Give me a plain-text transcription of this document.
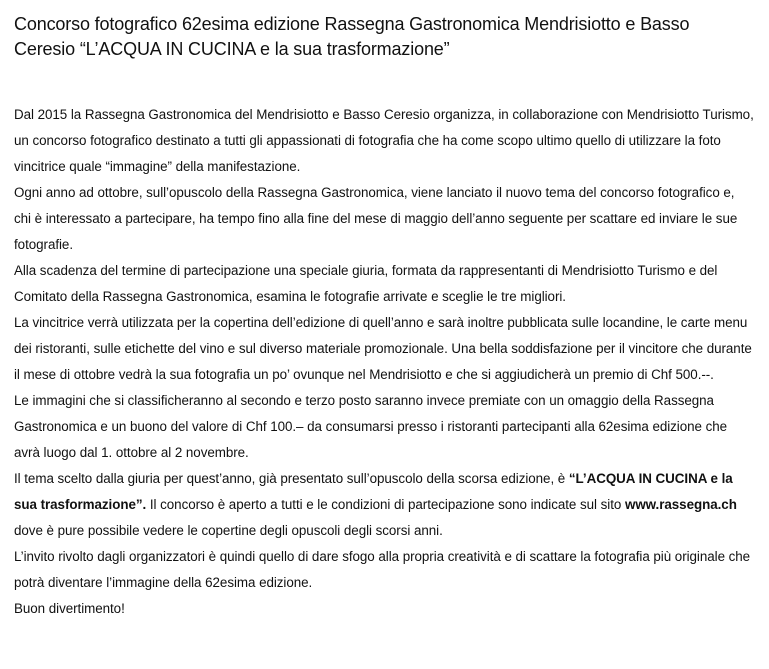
Concorso fotografico 62esima edizione Rassegna Gastronomica Mendrisiotto e Basso Ceresio “L’ACQUA IN CUCINA e la sua trasformazione”

Dal 2015 la Rassegna Gastronomica del Mendrisiotto e Basso Ceresio organizza, in collaborazione con Mendrisiotto Turismo, un concorso fotografico destinato a tutti gli appassionati di fotografia che ha come scopo ultimo quello di utilizzare la foto vincitrice quale “immagine” della manifestazione.

Ogni anno ad ottobre, sull’opuscolo della Rassegna Gastronomica, viene lanciato il nuovo tema del concorso fotografico e, chi è interessato a partecipare, ha tempo fino alla fine del mese di maggio dell’anno seguente per scattare ed inviare le sue fotografie.

Alla scadenza del termine di partecipazione una speciale giuria, formata da rappresentanti di Mendrisiotto Turismo e del Comitato della Rassegna Gastronomica, esamina le fotografie arrivate e sceglie le tre migliori.

La vincitrice verrà utilizzata per la copertina dell’edizione di quell’anno e sarà inoltre pubblicata sulle locandine, le carte menu dei ristoranti, sulle etichette del vino e sul diverso materiale promozionale. Una bella soddisfazione per il vincitore che durante il mese di ottobre vedrà la sua fotografia un po’ ovunque nel Mendrisiotto e che si aggiudicherà un premio di Chf 500.--.

Le immagini che si classificheranno al secondo e terzo posto saranno invece premiate con un omaggio della Rassegna Gastronomica e un buono del valore di Chf 100.– da consumarsi presso i ristoranti partecipanti alla 62esima edizione che avrà luogo dal 1. ottobre al 2 novembre.

Il tema scelto dalla giuria per quest’anno, già presentato sull’opuscolo della scorsa edizione, è “L’ACQUA IN CUCINA e la sua trasformazione”. Il concorso è aperto a tutti e le condizioni di partecipazione sono indicate sul sito www.rassegna.ch dove è pure possibile vedere le copertine degli opuscoli degli scorsi anni.

L’invito rivolto dagli organizzatori è quindi quello di dare sfogo alla propria creatività e di scattare la fotografia più originale che potrà diventare l’immagine della 62esima edizione.

Buon divertimento!
